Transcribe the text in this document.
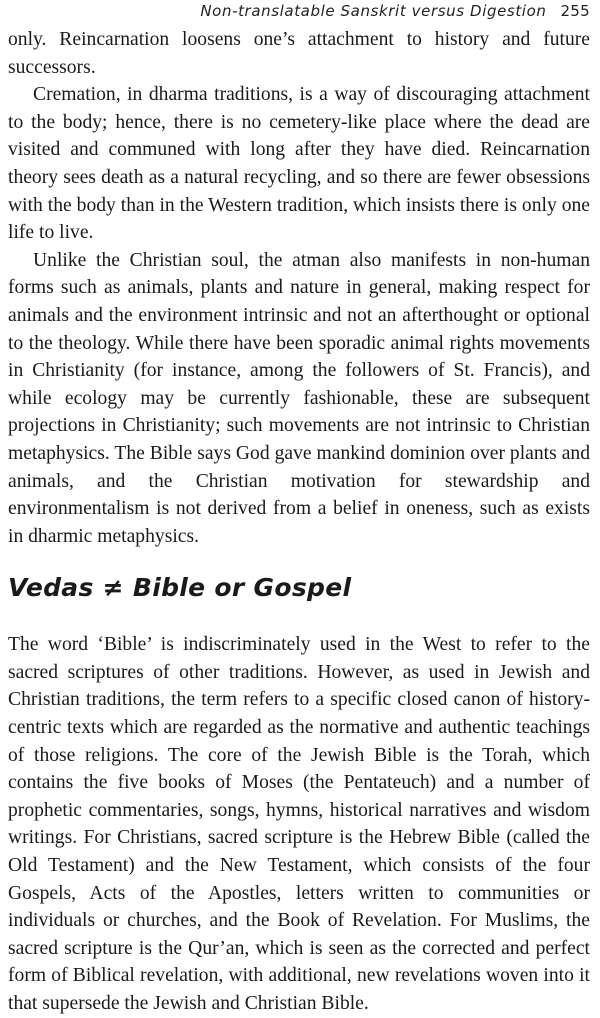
Non-translatable Sanskrit versus Digestion 255

only. Reincarnation loosens one’s attachment to history and future successors.

Cremation, in dharma traditions, is a way of discouraging attachment to the body; hence, there is no cemetery-like place where the dead are visited and communed with long after they have died. Reincarnation theory sees death as a natural recycling, and so there are fewer obsessions with the body than in the Western tradition, which insists there is only one life to live.

Unlike the Christian soul, the atman also manifests in non-human forms such as animals, plants and nature in general, making respect for animals and the environment intrinsic and not an afterthought or optional to the theology. While there have been sporadic animal rights movements in Christianity (for instance, among the followers of St. Francis), and while ecology may be currently fashionable, these are subsequent projections in Christianity; such movements are not intrinsic to Christian metaphysics. The Bible says God gave mankind dominion over plants and animals, and the Christian motivation for stewardship and environmentalism is not derived from a belief in oneness, such as exists in dharmic metaphysics.

Vedas ≠ Bible or Gospel

The word ‘Bible’ is indiscriminately used in the West to refer to the sacred scriptures of other traditions. However, as used in Jewish and Christian traditions, the term refers to a specific closed canon of history-centric texts which are regarded as the normative and authentic teachings of those religions. The core of the Jewish Bible is the Torah, which contains the five books of Moses (the Pentateuch) and a number of prophetic commentaries, songs, hymns, historical narratives and wisdom writings. For Christians, sacred scripture is the Hebrew Bible (called the Old Testament) and the New Testament, which consists of the four Gospels, Acts of the Apostles, letters written to communities or individuals or churches, and the Book of Revelation. For Muslims, the sacred scripture is the Qur’an, which is seen as the corrected and perfect form of Biblical revelation, with additional, new revelations woven into it that supersede the Jewish and Christian Bible.
